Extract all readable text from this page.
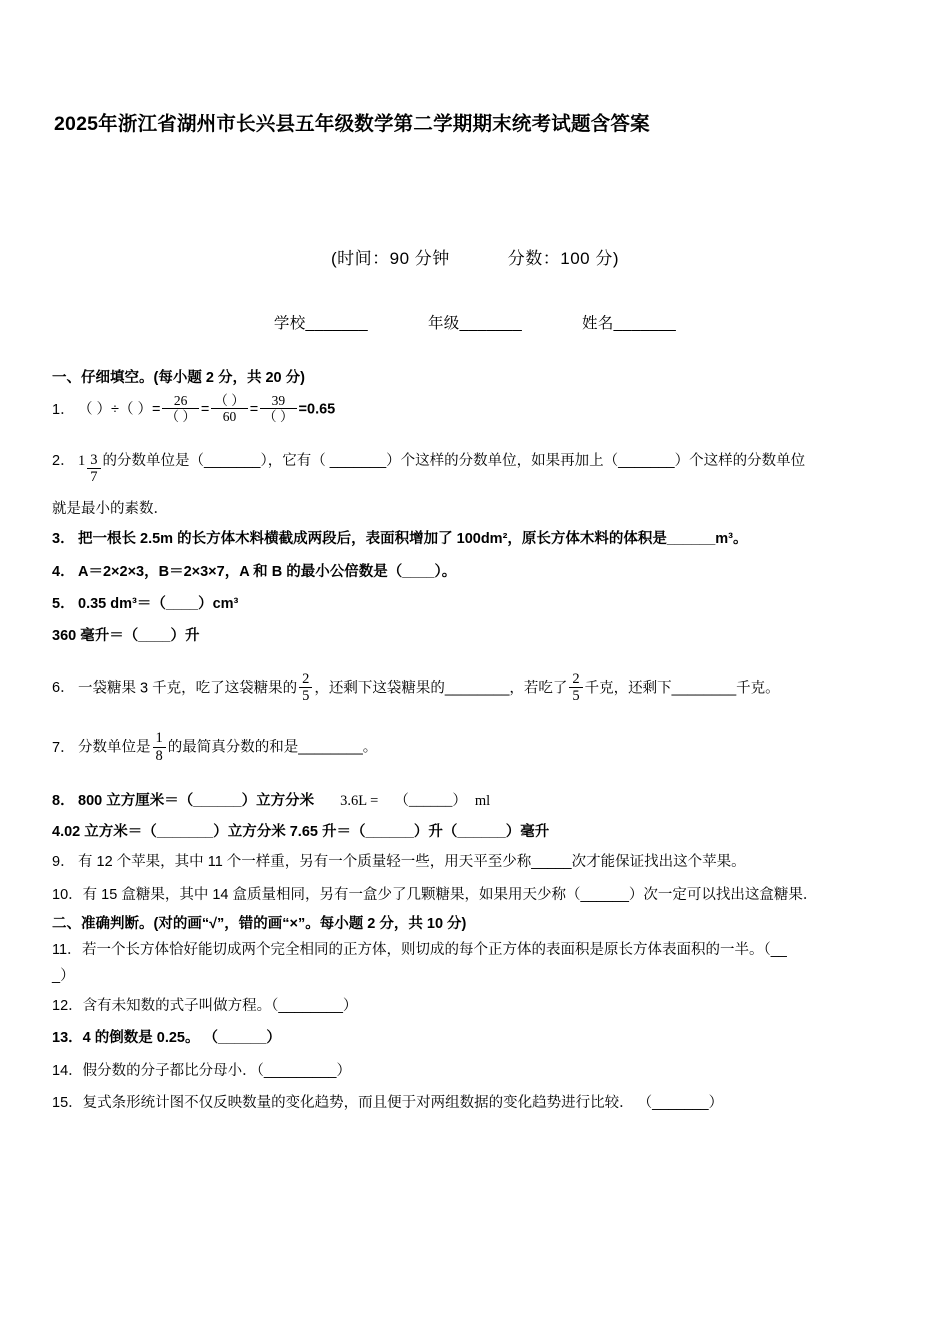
2025年浙江省湖州市长兴县五年级数学第二学期期末统考试题含答案
(时间：90 分钟	分数：100 分)
学校_______	年级_______	姓名_______
一、仔细填空。(每小题 2 分，共 20 分)
1． （ ）÷（ ）= $\frac{26}{( )} = \frac{( )}{60} = \frac{39}{( )} =0.65$
2． $1 \frac{3}{7}$ 的分数单位是（_______），它有（ _______）个这样的分数单位，如果再加上（_______）个这样的分数单位
就是最小的素数．
3． 把一根长 2.5m 的长方体木料横截成两段后，表面积增加了 100dm²，原长方体木料的体积是______m³。
4． A＝2×2×3，B＝2×3×7，A 和 B 的最小公倍数是（____）。
5． 0.35 dm³＝（____）cm³
360 毫升＝（____）升
6． 一袋糖果 3 千克，吃了这袋糖果的 $\frac{2}{5}$ ，还剩下这袋糖果的________，若吃了 $\frac{2}{5}$ 千克，还剩下________千克。
7． 分数单位是 $\frac{1}{8}$ 的最简真分数的和是________。
8． 800 立方厘米＝（______）立方分米 3.6L = （______） ml
4.02 立方米＝（_______）立方分米 7.65 升＝（______）升（______）毫升
9． 有 12 个苹果，其中 11 个一样重，另有一个质量轻一些，用天平至少称_____次才能保证找出这个苹果。
10．有 15 盒糖果，其中 14 盒质量相同，另有一盒少了几颗糖果，如果用天少称（______）次一定可以找出这盒糖果．
二、准确判断。(对的画“√”，错的画“×”。每小题 2 分，共 10 分)
11．若一个长方体恰好能切成两个完全相同的正方体，则切成的每个正方体的表面积是原长方体表面积的一半。（__
_）
12．含有未知数的式子叫做方程。（________）
13．4 的倒数是 0.25。 （______）
14．假分数的分子都比分母小．（_________）
15．复式条形统计图不仅反映数量的变化趋势，而且便于对两组数据的变化趋势进行比较． （_______）
